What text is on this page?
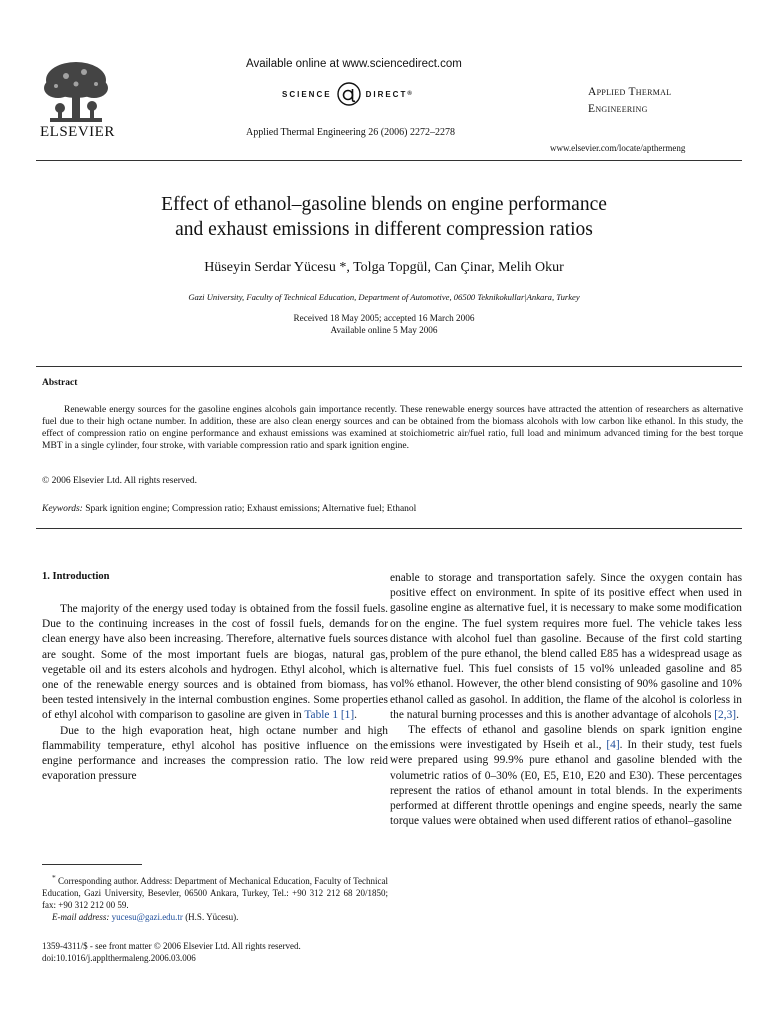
ELSEVIER
Available online at www.sciencedirect.com
SCIENCE	DIRECT ®
Applied Thermal Engineering 26 (2006) 2272–2278
Applied Thermal
Engineering
www.elsevier.com/locate/apthermeng
Effect of ethanol–gasoline blends on engine performance
and exhaust emissions in different compression ratios
Hüseyin Serdar Yücesu *, Tolga Topgül, Can Çinar, Melih Okur
Gazi University, Faculty of Technical Education, Department of Automotive, 06500 Teknikokullar|Ankara, Turkey
Received 18 May 2005; accepted 16 March 2006
Available online 5 May 2006
Abstract

Renewable energy sources for the gasoline engines alcohols gain importance recently. These renewable energy sources have attracted the attention of researchers as alternative fuel due to their high octane number. In addition, these are also clean energy sources and can be obtained from the biomass alcohols with low carbon like ethanol. In this study, the effect of compression ratio on engine performance and exhaust emissions was examined at stoichiometric air/fuel ratio, full load and minimum advanced timing for the best torque MBT in a single cylinder, four stroke, with variable compression ratio and spark ignition engine.

© 2006 Elsevier Ltd. All rights reserved.
Keywords: Spark ignition engine; Compression ratio; Exhaust emissions; Alternative fuel; Ethanol
1. Introduction

The majority of the energy used today is obtained from the fossil fuels. Due to the continuing increases in the cost of fossil fuels, demands for clean energy have also been increasing. Therefore, alternative fuels sources are sought. Some of the most important fuels are biogas, natural gas, vegetable oil and its esters alcohols and hydrogen. Ethyl alcohol, which is one of the renewable energy sources and is obtained from biomass, has been tested intensively in the internal combustion engines. Some properties of ethyl alcohol with comparison to gasoline are given in Table 1 [1].

Due to the high evaporation heat, high octane number and high flammability temperature, ethyl alcohol has positive influence on the engine performance and increases the compression ratio. The low reid evaporation pressure

* Corresponding author. Address: Department of Mechanical Education, Faculty of Technical Education, Gazi University, Besevler, 06500 Ankara, Turkey, Tel.: +90 312 212 68 20/1850; fax: +90 312 212 00 59.
E-mail address: yucesu@gazi.edu.tr (H.S. Yücesu).
1359-4311/$ - see front matter © 2006 Elsevier Ltd. All rights reserved.
doi:10.1016/j.applthermaleng.2006.03.006

enable to storage and transportation safely. Since the oxygen contain has positive effect on environment. In spite of its positive effect when used in gasoline engine as alternative fuel, it is necessary to make some modification on the engine. The fuel system requires more fuel. The vehicle takes less distance with alcohol fuel than gasoline. Because of the first cold starting problem of the pure ethanol, the blend called E85 has a widespread usage as alternative fuel. This fuel consists of 15 vol% unleaded gasoline and 85 vol% ethanol. However, the other blend consisting of 90% gasoline and 10% ethanol called as gasohol. In addition, the flame of the alcohol is colorless in the natural burning processes and this is another advantage of alcohols [2,3].

The effects of ethanol and gasoline blends on spark ignition engine emissions were investigated by Hseih et al., [4]. In their study, test fuels were prepared using 99.9% pure ethanol and gasoline blended with the volumetric ratios of 0–30% (E0, E5, E10, E20 and E30). These percentages represent the ratios of ethanol amount in total blends. In the experiments performed at different throttle openings and engine speeds, nearly the same torque values were obtained when used different ratios of ethanol–gasoline
